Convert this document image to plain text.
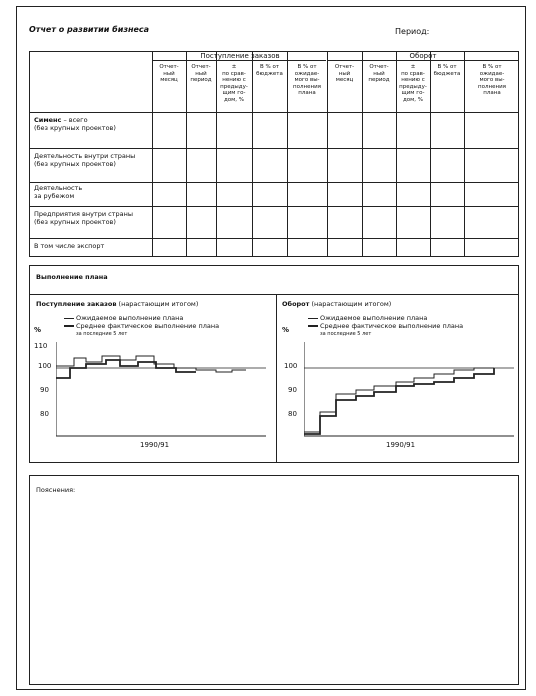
Отчет о развитии бизнеса	Период:
Поступление заказов	Оборот
Отчет-
ный
месяц
Отчет-
ный
период
±
по срав-
нению с
предыду-
щим го-
дом, %
В % от
бюджета
В % от
ожидае-
мого вы-
полнения
плана
Отчет-
ный
месяц
Отчет-
ный
период
±
по срав-
нению с
предыду-
щим го-
дом, %
В % от
бюджета
В % от
ожидае-
мого вы-
полнения
плана
Сименс – всего
(без крупных проектов)
Деятельность внутри страны
(без крупных проектов)
Деятельность
за рубежом
Предприятия внутри страны
(без крупных проектов)
В том числе экспорт
Выполнение плана
Поступление заказов (нарастающим итогом)
Ожидаемое выполнение плана
Среднее фактическое выполнение плана
за последние 5 лет
%
110
100
90
80
1990/91
Оборот (нарастающим итогом)
Ожидаемое выполнение плана
Среднее фактическое выполнение плана
за последние 5 лет
%
100
90
80
1990/91
Пояснения:
